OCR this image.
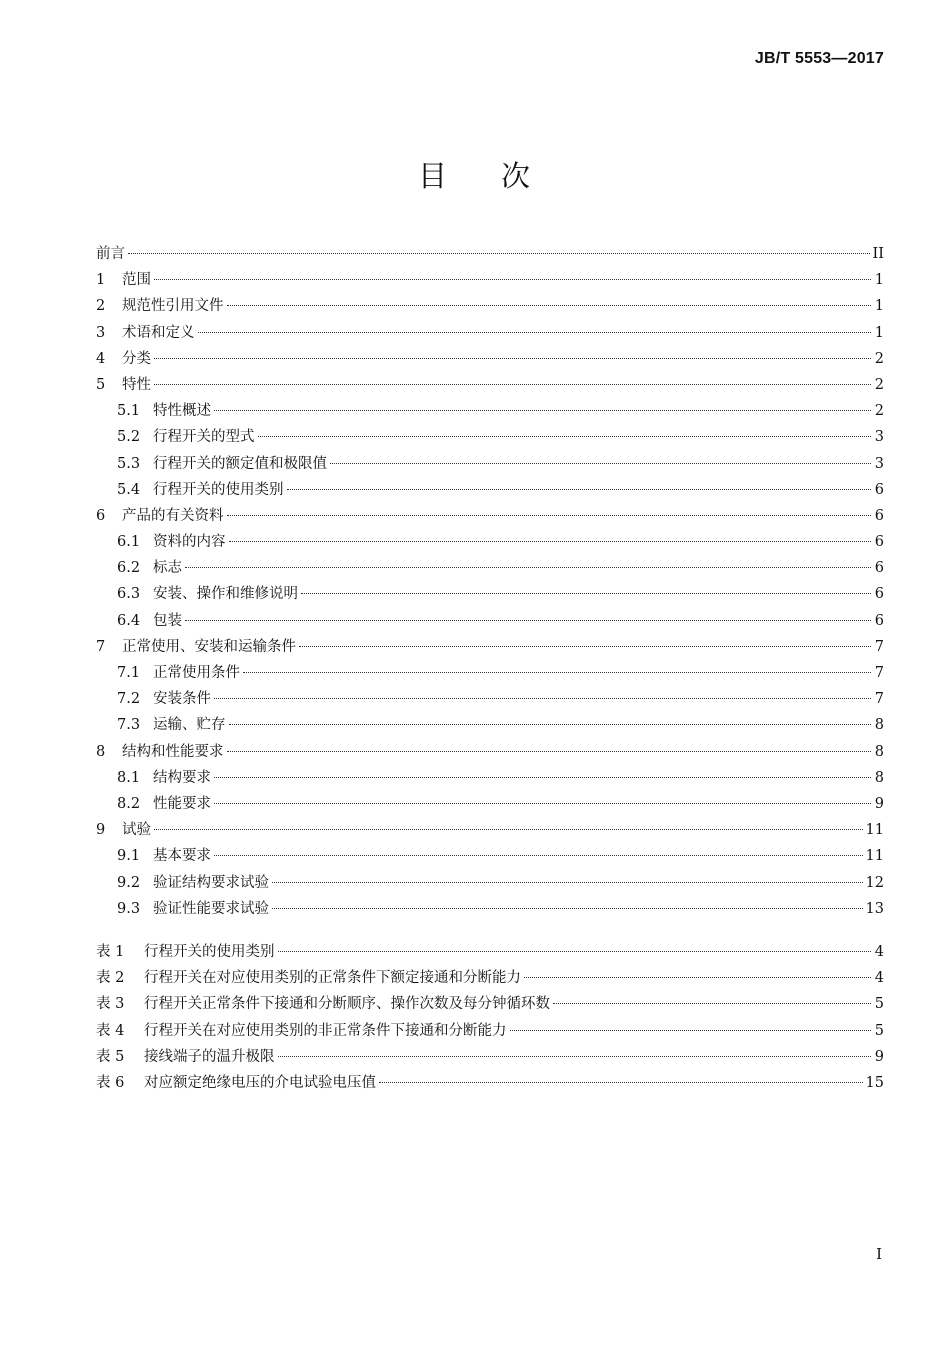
JB/T 5553—2017
目 次
前言	II
1	范围	1
2	规范性引用文件	1
3	术语和定义	1
4	分类	2
5	特性	2
5.1 特性概述	2
5.2 行程开关的型式	3
5.3 行程开关的额定值和极限值	3
5.4 行程开关的使用类别	6
6	产品的有关资料	6
6.1 资料的内容	6
6.2 标志	6
6.3 安装、操作和维修说明	6
6.4 包装	6
7	正常使用、安装和运输条件	7
7.1 正常使用条件	7
7.2 安装条件	7
7.3 运输、贮存	8
8	结构和性能要求	8
8.1 结构要求	8
8.2 性能要求	9
9	试验	11
9.1 基本要求	11
9.2 验证结构要求试验	12
9.3 验证性能要求试验	13
表 1	行程开关的使用类别	4
表 2	行程开关在对应使用类别的正常条件下额定接通和分断能力	4
表 3	行程开关正常条件下接通和分断顺序、操作次数及每分钟循环数	5
表 4	行程开关在对应使用类别的非正常条件下接通和分断能力	5
表 5	接线端子的温升极限	9
表 6	对应额定绝缘电压的介电试验电压值	15
I
